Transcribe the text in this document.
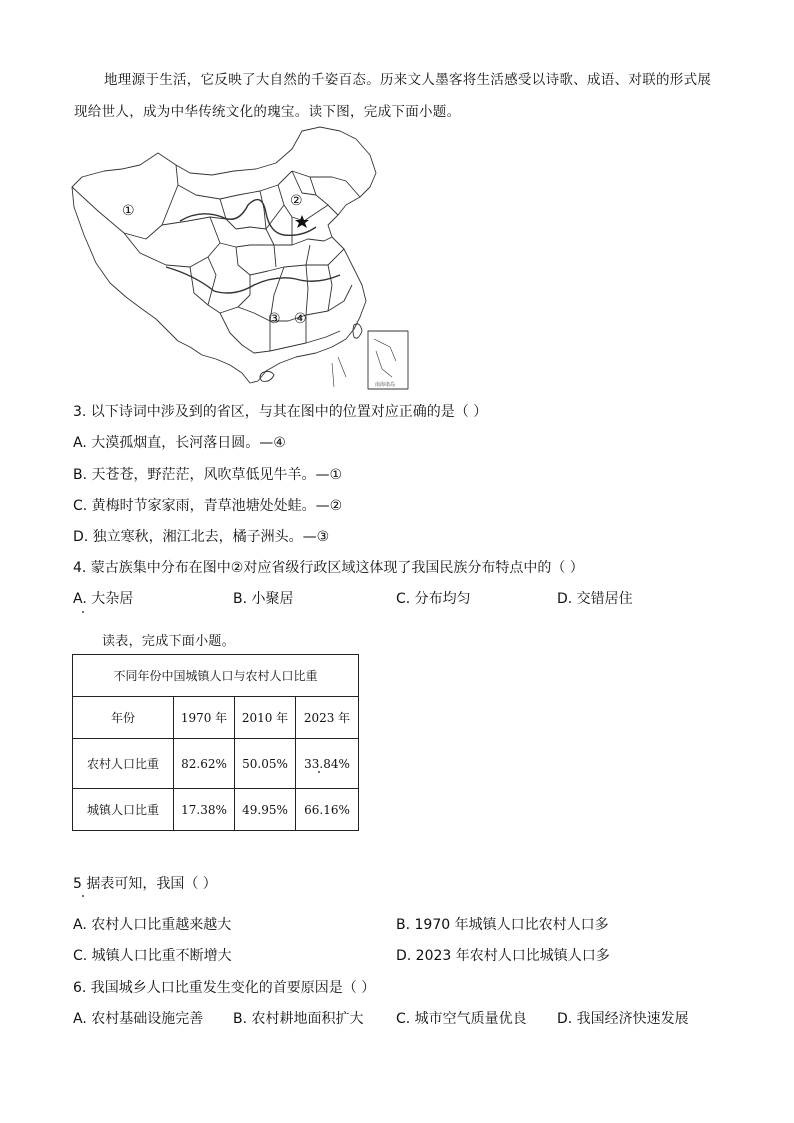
地理源于生活，它反映了大自然的千姿百态。历来文人墨客将生活感受以诗歌、成语、对联的形式展
现给世人，成为中华传统文化的瑰宝。读下图，完成下面小题。
①
②
③ ④
南海诸岛
3. 以下诗词中涉及到的省区，与其在图中的位置对应正确的是（ ）
A. 大漠孤烟直，长河落日圆。—④
B. 天苍苍，野茫茫，风吹草低见牛羊。—①
C. 黄梅时节家家雨，青草池塘处处蛙。—②
D. 独立寒秋，湘江北去，橘子洲头。—③
4. 蒙古族集中分布在图中②对应省级行政区域这体现了我国民族分布特点中的（ ）
A. 大杂居	B. 小聚居	C. 分布均匀	D. 交错居住
读表，完成下面小题。
不同年份中国城镇人口与农村人口比重			
年份	1970 年	2010 年	2023 年
农村人口比重	82.62%	50.05%	33.84%
城镇人口比重	17.38%	49.95%	66.16%
5 据表可知，我国（ ）
A. 农村人口比重越来越大	B. 1970 年城镇人口比农村人口多
C. 城镇人口比重不断增大	D. 2023 年农村人口比城镇人口多
6. 我国城乡人口比重发生变化的首要原因是（ ）
A. 农村基础设施完善 B. 农村耕地面积扩大 C. 城市空气质量优良 D. 我国经济快速发展
